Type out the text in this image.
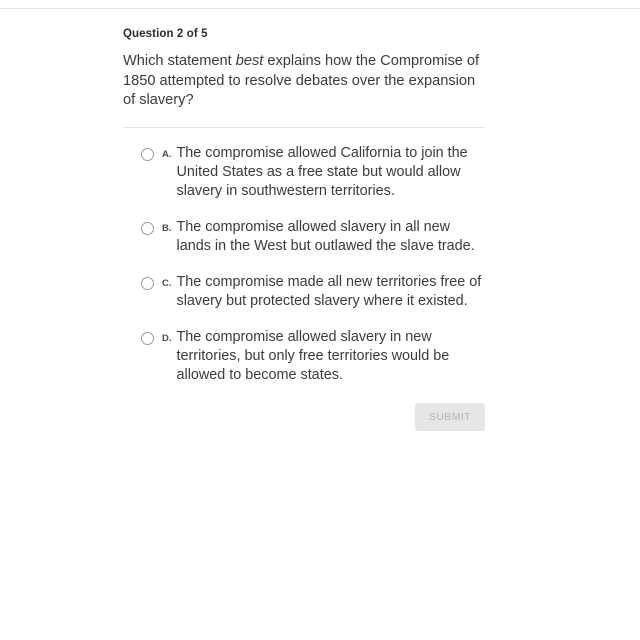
Question 2 of 5
Which statement best explains how the Compromise of 1850 attempted to resolve debates over the expansion of slavery?
A. The compromise allowed California to join the United States as a free state but would allow slavery in southwestern territories.
B. The compromise allowed slavery in all new lands in the West but outlawed the slave trade.
C. The compromise made all new territories free of slavery but protected slavery where it existed.
D. The compromise allowed slavery in new territories, but only free territories would be allowed to become states.
SUBMIT
